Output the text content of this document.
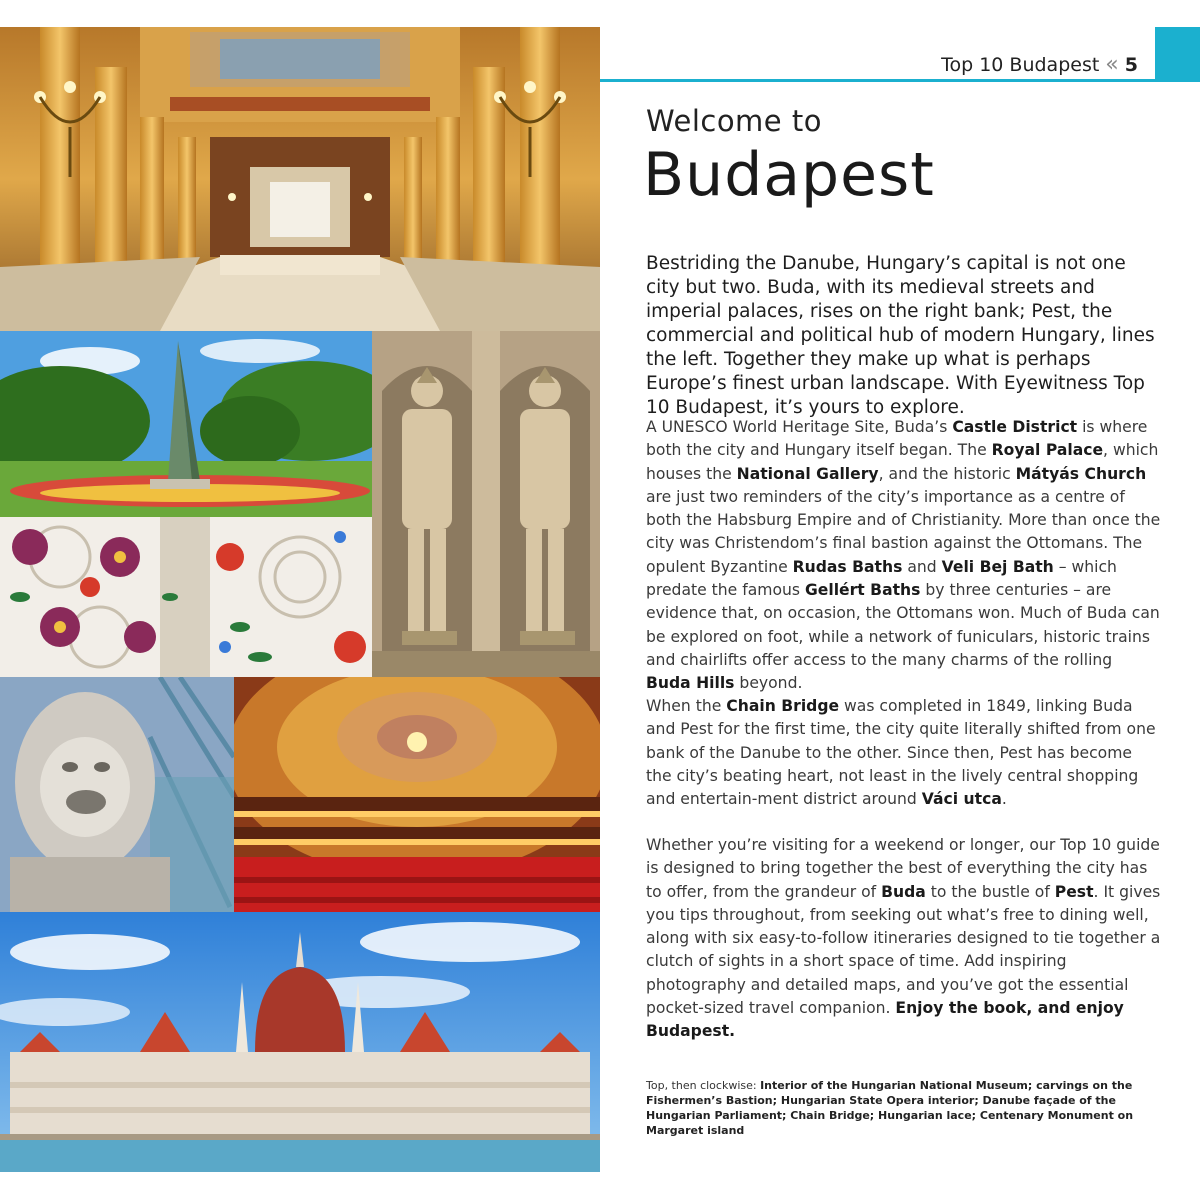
Top 10 Budapest « 5
Welcome to
Budapest
Bestriding the Danube, Hungary’s capital is not one city but two. Buda, with its medieval streets and imperial palaces, rises on the right bank; Pest, the commercial and political hub of modern Hungary, lines the left. Together they make up what is perhaps Europe’s finest urban landscape. With Eyewitness Top 10 Budapest, it’s yours to explore.
A UNESCO World Heritage Site, Buda’s Castle District is where both the city and Hungary itself began. The Royal Palace, which houses the National Gallery, and the historic Mátyás Church are just two reminders of the city’s importance as a centre of both the Habsburg Empire and of Christianity. More than once the city was Christendom’s final bastion against the Ottomans. The opulent Byzantine Rudas Baths and Veli Bej Bath – which predate the famous Gellért Baths by three centuries – are evidence that, on occasion, the Ottomans won. Much of Buda can be explored on foot, while a network of funiculars, historic trains and chairlifts offer access to the many charms of the rolling Buda Hills beyond.
When the Chain Bridge was completed in 1849, linking Buda and Pest for the first time, the city quite literally shifted from one bank of the Danube to the other. Since then, Pest has become the city’s beating heart, not least in the lively central shopping and entertain-ment district around Váci utca.
Whether you’re visiting for a weekend or longer, our Top 10 guide is designed to bring together the best of everything the city has to offer, from the grandeur of Buda to the bustle of Pest. It gives you tips throughout, from seeking out what’s free to dining well, along with six easy-to-follow itineraries designed to tie together a clutch of sights in a short space of time. Add inspiring photography and detailed maps, and you’ve got the essential pocket-sized travel companion. Enjoy the book, and enjoy Budapest.
Top, then clockwise: Interior of the Hungarian National Museum; carvings on the Fishermen’s Bastion; Hungarian State Opera interior; Danube façade of the Hungarian Parliament; Chain Bridge; Hungarian lace; Centenary Monument on Margaret island
